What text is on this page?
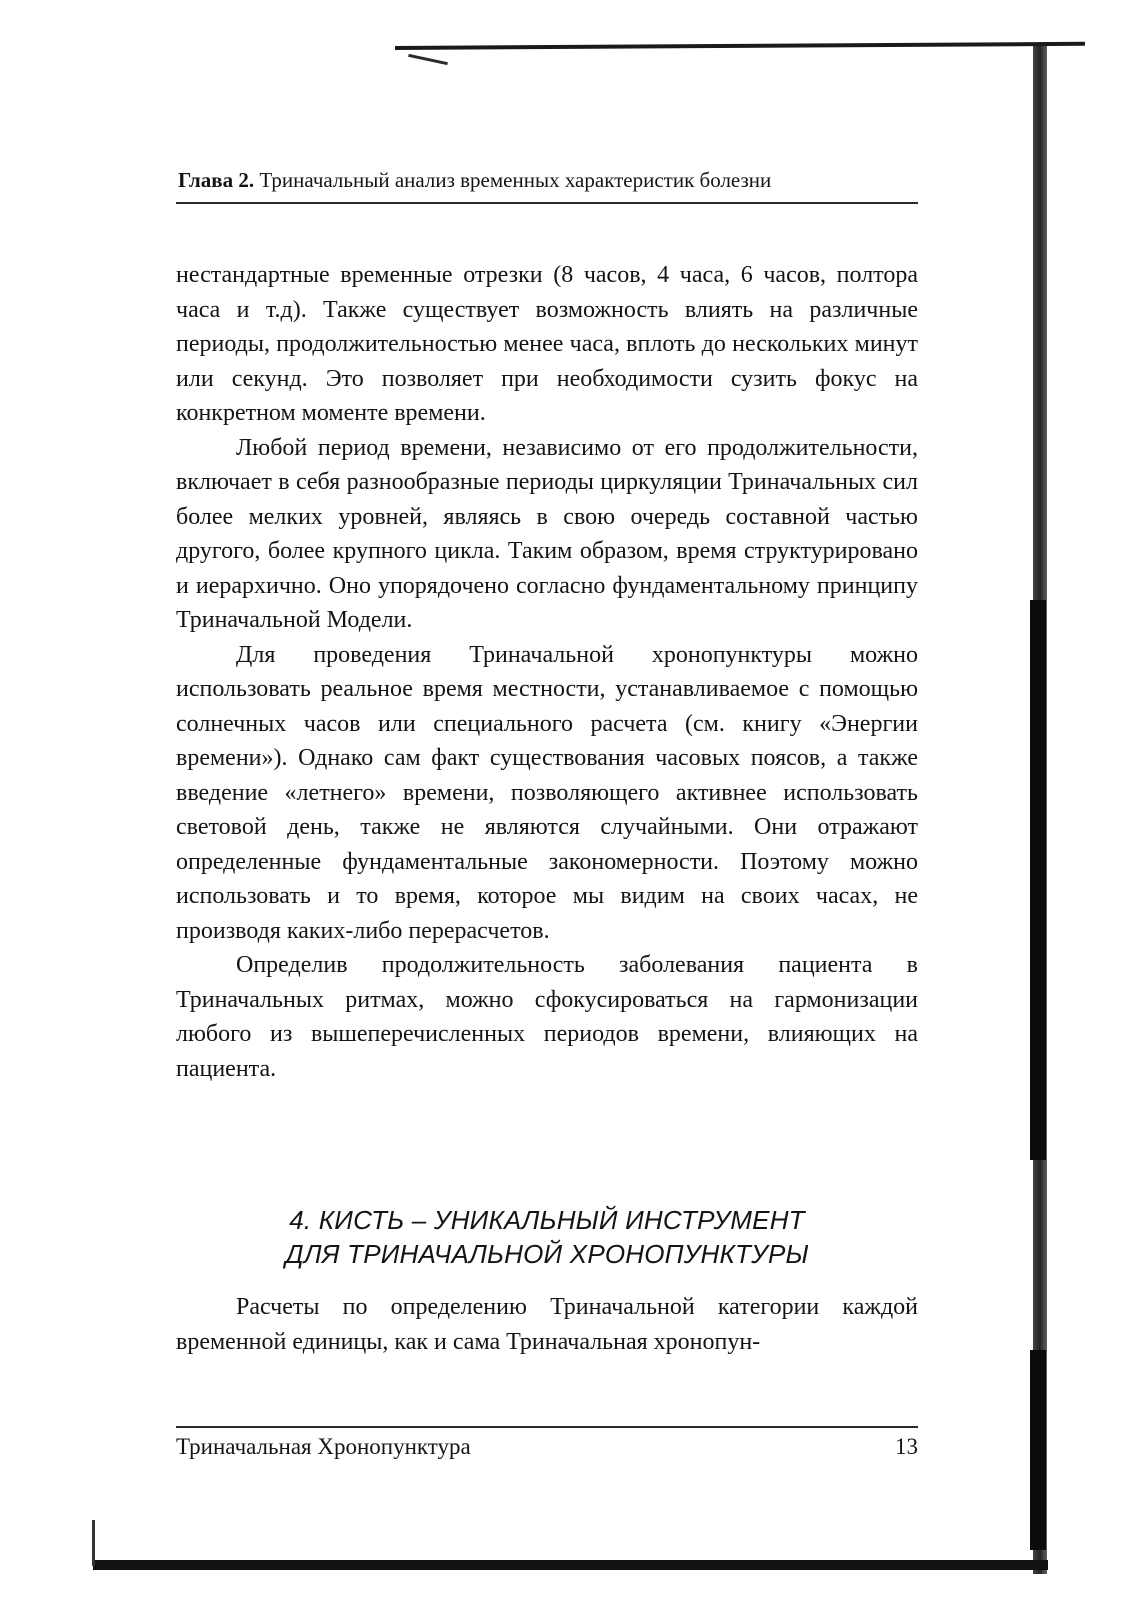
Глава 2. Триначальный анализ временных характеристик болезни

нестандартные временные отрезки (8 часов, 4 часа, 6 часов, полтора часа и т.д). Также существует возможность влиять на различные периоды, продолжительностью менее часа, вплоть до нескольких минут или секунд. Это позволяет при необходимости сузить фокус на конкретном моменте времени.

Любой период времени, независимо от его продолжительности, включает в себя разнообразные периоды циркуляции Триначальных сил более мелких уровней, являясь в свою очередь составной частью другого, более крупного цикла. Таким образом, время структурировано и иерархично. Оно упорядочено согласно фундаментальному принципу Триначальной Модели.

Для проведения Триначальной хронопунктуры можно использовать реальное время местности, устанавливаемое с помощью солнечных часов или специального расчета (см. книгу «Энергии времени»). Однако сам факт существования часовых поясов, а также введение «летнего» времени, позволяющего активнее использовать световой день, также не являются случайными. Они отражают определенные фундаментальные закономерности. Поэтому можно использовать и то время, которое мы видим на своих часах, не производя каких-либо перерасчетов.

Определив продолжительность заболевания пациента в Триначальных ритмах, можно сфокусироваться на гармонизации любого из вышеперечисленных периодов времени, влияющих на пациента.

4. КИСТЬ – УНИКАЛЬНЫЙ ИНСТРУМЕНТ
ДЛЯ ТРИНАЧАЛЬНОЙ ХРОНОПУНКТУРЫ

Расчеты по определению Триначальной категории каждой временной единицы, как и сама Триначальная хронопун-

Триначальная Хронопунктура	13
